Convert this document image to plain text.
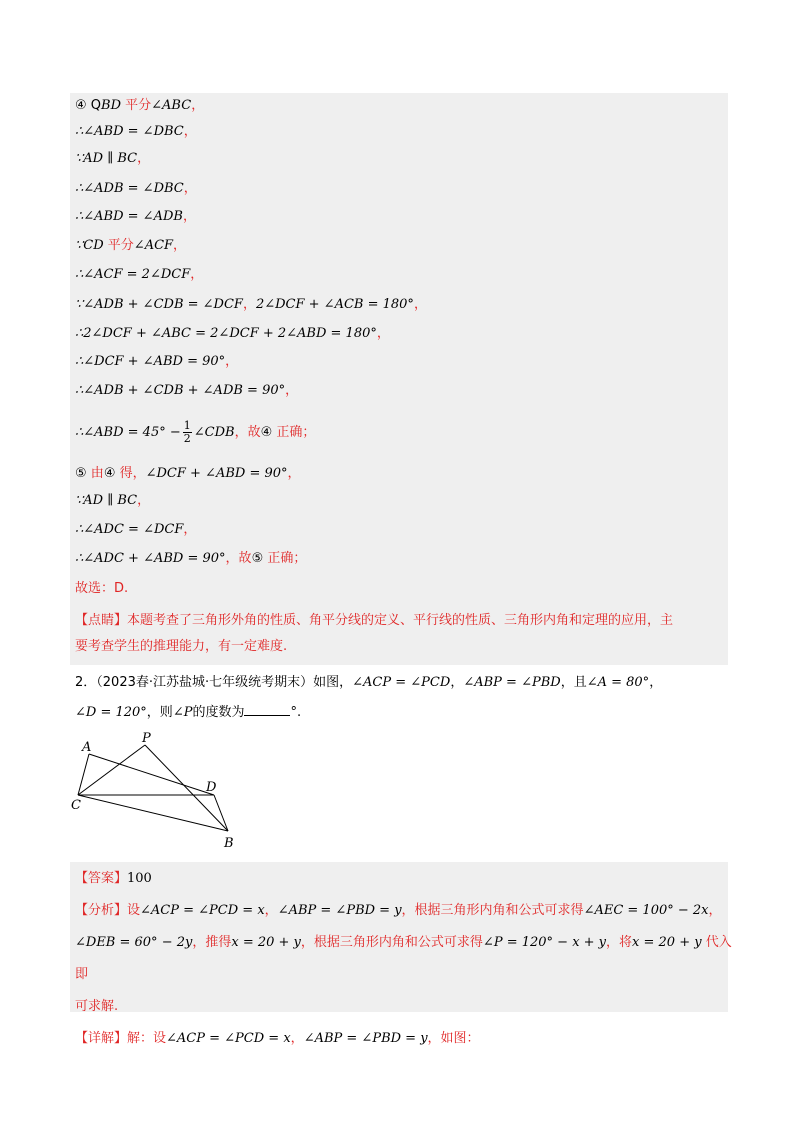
④ QBD 平分∠ABC，
∴∠ABD = ∠DBC，
∵AD ∥ BC，
∴∠ADB = ∠DBC，
∴∠ABD = ∠ADB，
∵CD 平分∠ACF，
∴∠ACF = 2∠DCF，
∵∠ADB + ∠CDB = ∠DCF，2∠DCF + ∠ACB = 180°，
∴2∠DCF + ∠ABC = 2∠DCF + 2∠ABD = 180°，
∴∠DCF + ∠ABD = 90°，
∴∠ADB + ∠CDB + ∠ADB = 90°，
∴∠ABD = $45^\circ - \frac{1}{2}$ ∠CDB，故④ 正确；
⑤ 由④ 得，∠DCF + ∠ABD = 90°，
∵AD ∥ BC，
∴∠ADC = ∠DCF，
∴∠ADC + ∠ABD = 90°，故⑤ 正确；
故选：D.
【点睛】本题考查了三角形外角的性质、角平分线的定义、平行线的性质、三角形内角和定理的应用，主
要考查学生的推理能力，有一定难度.
2．（2023春·江苏盐城·七年级统考期末）如图，∠ACP = ∠PCD，∠ABP = ∠PBD，且∠A = 80°，
∠D = 120°，则∠P的度数为	°.
A
P
C
D
B
【答案】100
【分析】设∠ACP = ∠PCD = x，∠ABP = ∠PBD = y，根据三角形内角和公式可求得∠AEC = 100° − 2x，
∠DEB = 60° − 2y，推得x = 20 + y，根据三角形内角和公式可求得∠P = 120° − x + y，将x = 20 + y 代入即
可求解.
【详解】解：设∠ACP = ∠PCD = x，∠ABP = ∠PBD = y，如图：
